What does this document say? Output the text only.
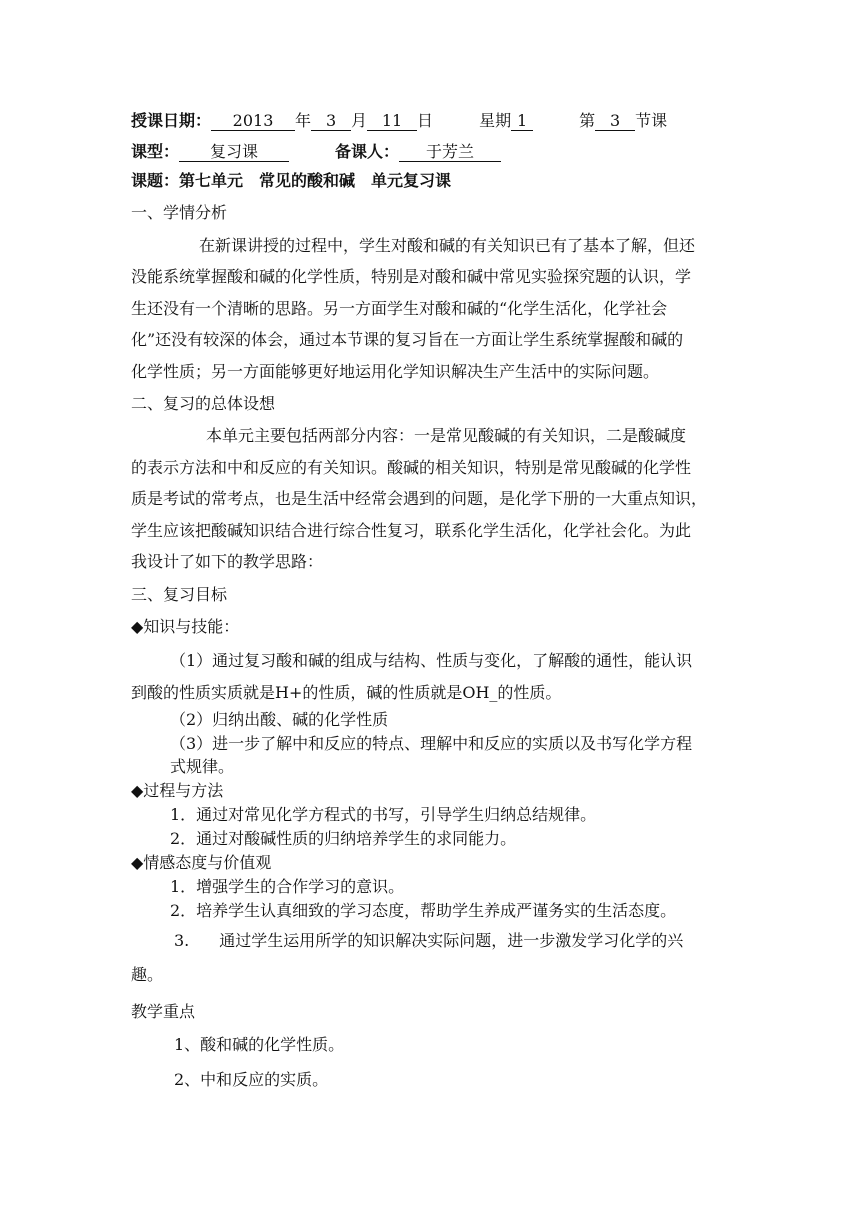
授课日期： 2013 年 3 月 11 日	星期 1	第 3 节课
课型： 复习课	备课人： 于芳兰
课题：第七单元　常见的酸和碱　单元复习课
一、学情分析
在新课讲授的过程中，学生对酸和碱的有关知识已有了基本了解，但还
没能系统掌握酸和碱的化学性质，特别是对酸和碱中常见实验探究题的认识，学
生还没有一个清晰的思路。另一方面学生对酸和碱的“化学生活化，化学社会
化”还没有较深的体会，通过本节课的复习旨在一方面让学生系统掌握酸和碱的
化学性质；另一方面能够更好地运用化学知识解决生产生活中的实际问题。
二、复习的总体设想
本单元主要包括两部分内容：一是常见酸碱的有关知识，二是酸碱度
的表示方法和中和反应的有关知识。酸碱的相关知识，特别是常见酸碱的化学性
质是考试的常考点，也是生活中经常会遇到的问题，是化学下册的一大重点知识，
学生应该把酸碱知识结合进行综合性复习，联系化学生活化，化学社会化。为此
我设计了如下的教学思路：
三、复习目标
◆知识与技能：
（1）通过复习酸和碱的组成与结构、性质与变化，了解酸的通性，能认识
到酸的性质实质就是H+的性质，碱的性质就是OH_的性质。
（2）归纳出酸、碱的化学性质
（3）进一步了解中和反应的特点、理解中和反应的实质以及书写化学方程
式规律。
◆过程与方法
1．通过对常见化学方程式的书写，引导学生归纳总结规律。
2．通过对酸碱性质的归纳培养学生的求同能力。
◆情感态度与价值观
1．增强学生的合作学习的意识。
2．培养学生认真细致的学习态度，帮助学生养成严谨务实的生活态度。
3. 通过学生运用所学的知识解决实际问题，进一步激发学习化学的兴
趣。
教学重点
1、酸和碱的化学性质。
2、中和反应的实质。
